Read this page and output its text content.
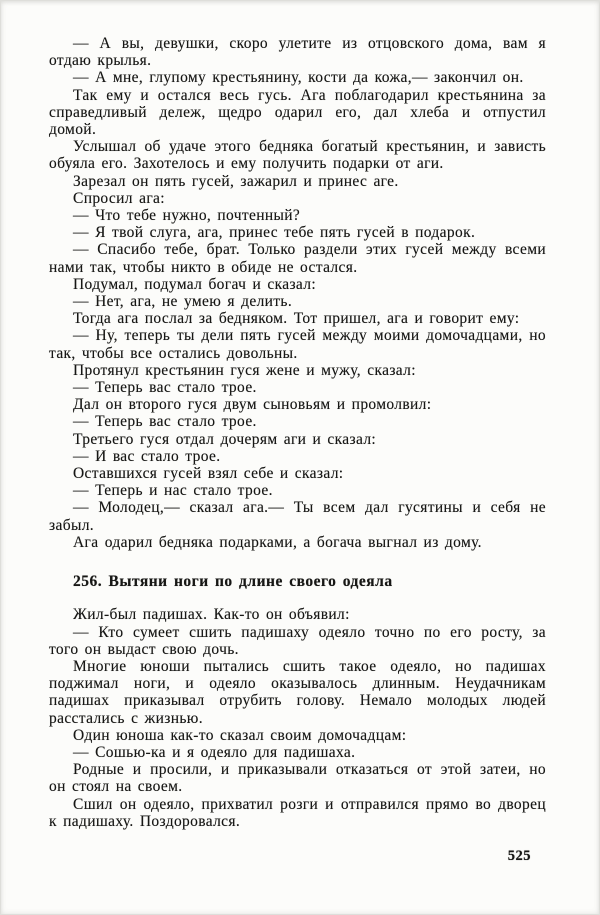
— А вы, девушки, скоро улетите из отцовского дома, вам я отдаю крылья.

— А мне, глупому крестьянину, кости да кожа,— закончил он.

Так ему и остался весь гусь. Ага поблагодарил крестьянина за справедливый дележ, щедро одарил его, дал хлеба и отпустил домой.

Услышал об удаче этого бедняка богатый крестьянин, и зависть обуяла его. Захотелось и ему получить подарки от аги.

Зарезал он пять гусей, зажарил и принес аге.

Спросил ага:

— Что тебе нужно, почтенный?

— Я твой слуга, ага, принес тебе пять гусей в подарок.

— Спасибо тебе, брат. Только раздели этих гусей между всеми нами так, чтобы никто в обиде не остался.

Подумал, подумал богач и сказал:

— Нет, ага, не умею я делить.

Тогда ага послал за бедняком. Тот пришел, ага и говорит ему:

— Ну, теперь ты дели пять гусей между моими домочадцами, но так, чтобы все остались довольны.

Протянул крестьянин гуся жене и мужу, сказал:

— Теперь вас стало трое.

Дал он второго гуся двум сыновьям и промолвил:

— Теперь вас стало трое.

Третьего гуся отдал дочерям аги и сказал:

— И вас стало трое.

Оставшихся гусей взял себе и сказал:

— Теперь и нас стало трое.

— Молодец,— сказал ага.— Ты всем дал гусятины и себя не забыл.

Ага одарил бедняка подарками, а богача выгнал из дому.

256. Вытяни ноги по длине своего одеяла

Жил-был падишах. Как-то он объявил:

— Кто сумеет сшить падишаху одеяло точно по его росту, за того он выдаст свою дочь.

Многие юноши пытались сшить такое одеяло, но падишах поджимал ноги, и одеяло оказывалось длинным. Неудачникам падишах приказывал отрубить голову. Немало молодых людей расстались с жизнью.

Один юноша как-то сказал своим домочадцам:

— Сошью-ка и я одеяло для падишаха.

Родные и просили, и приказывали отказаться от этой затеи, но он стоял на своем.

Сшил он одеяло, прихватил розги и отправился прямо во дворец к падишаху. Поздоровался.

525
